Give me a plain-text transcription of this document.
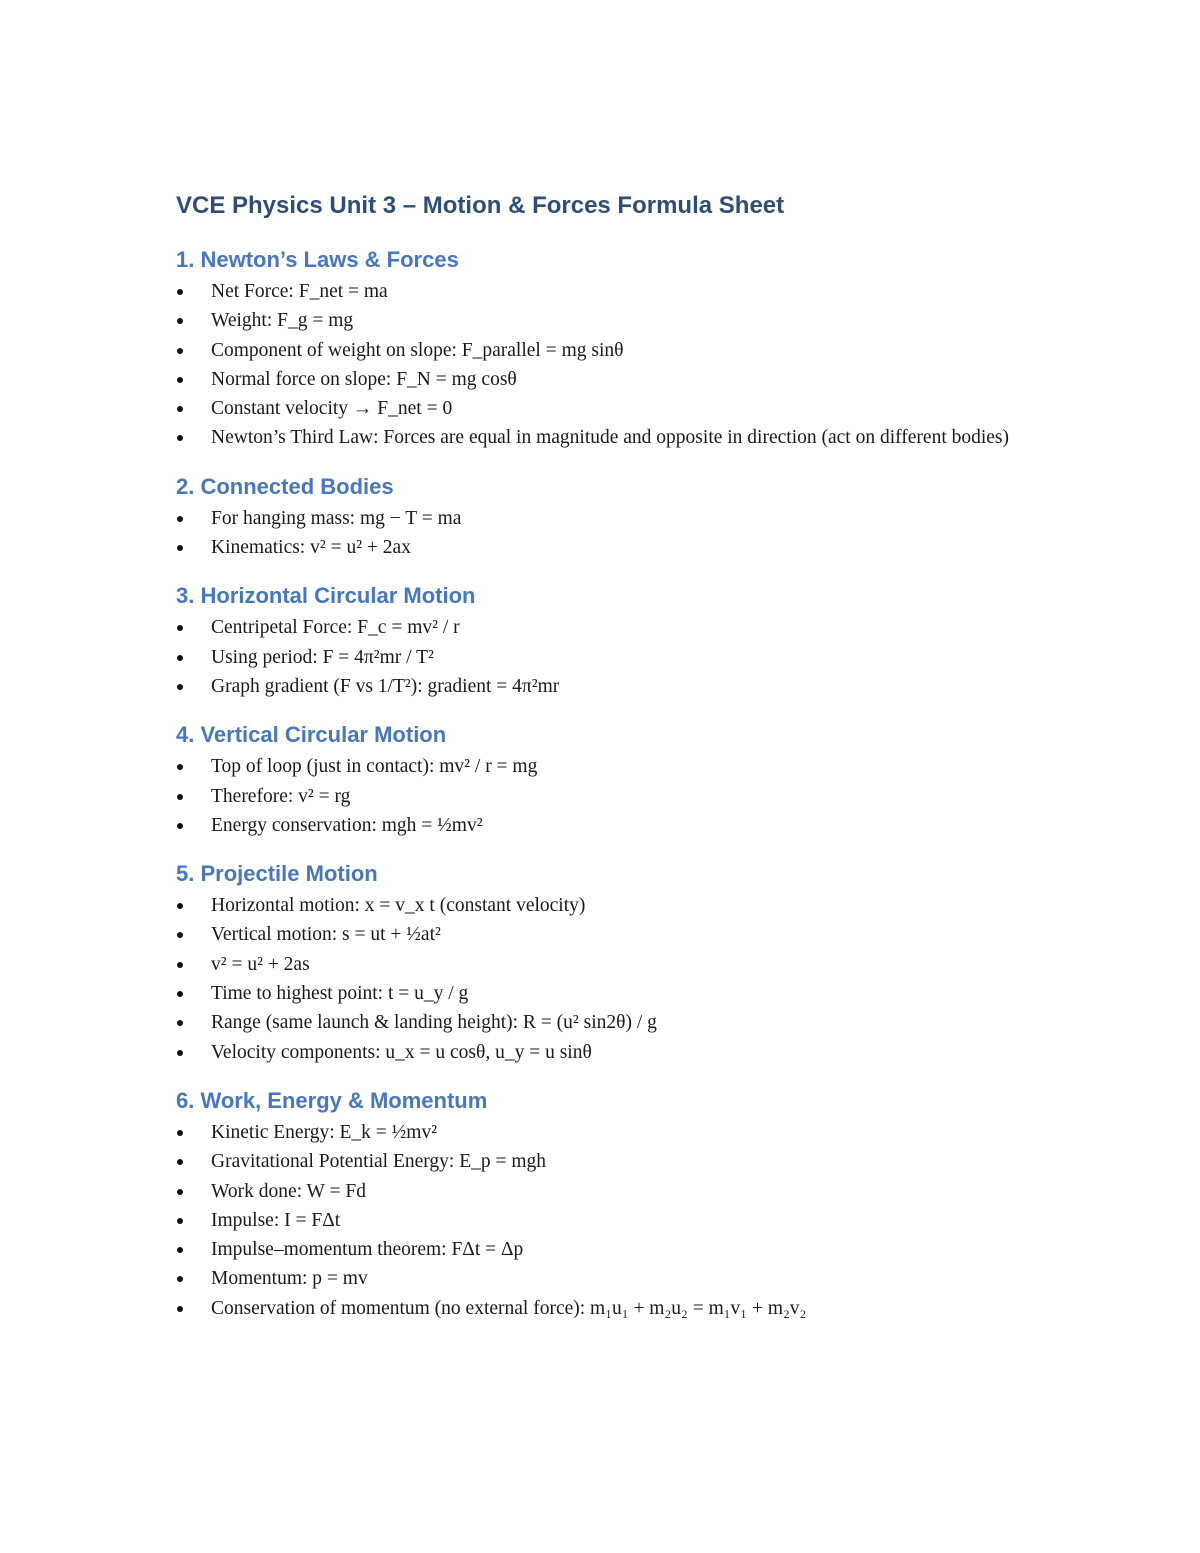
VCE Physics Unit 3 – Motion & Forces Formula Sheet
1. Newton’s Laws & Forces
Net Force: F_net = ma
Weight: F_g = mg
Component of weight on slope: F_parallel = mg sinθ
Normal force on slope: F_N = mg cosθ
Constant velocity → F_net = 0
Newton’s Third Law: Forces are equal in magnitude and opposite in direction (act on different bodies)
2. Connected Bodies
For hanging mass: mg − T = ma
Kinematics: v² = u² + 2ax
3. Horizontal Circular Motion
Centripetal Force: F_c = mv² / r
Using period: F = 4π²mr / T²
Graph gradient (F vs 1/T²): gradient = 4π²mr
4. Vertical Circular Motion
Top of loop (just in contact): mv² / r = mg
Therefore: v² = rg
Energy conservation: mgh = ½mv²
5. Projectile Motion
Horizontal motion: x = v_x t (constant velocity)
Vertical motion: s = ut + ½at²
v² = u² + 2as
Time to highest point: t = u_y / g
Range (same launch & landing height): R = (u² sin2θ) / g
Velocity components: u_x = u cosθ, u_y = u sinθ
6. Work, Energy & Momentum
Kinetic Energy: E_k = ½mv²
Gravitational Potential Energy: E_p = mgh
Work done: W = Fd
Impulse: I = FΔt
Impulse–momentum theorem: FΔt = Δp
Momentum: p = mv
Conservation of momentum (no external force): m₁u₁ + m₂u₂ = m₁v₁ + m₂v₂
